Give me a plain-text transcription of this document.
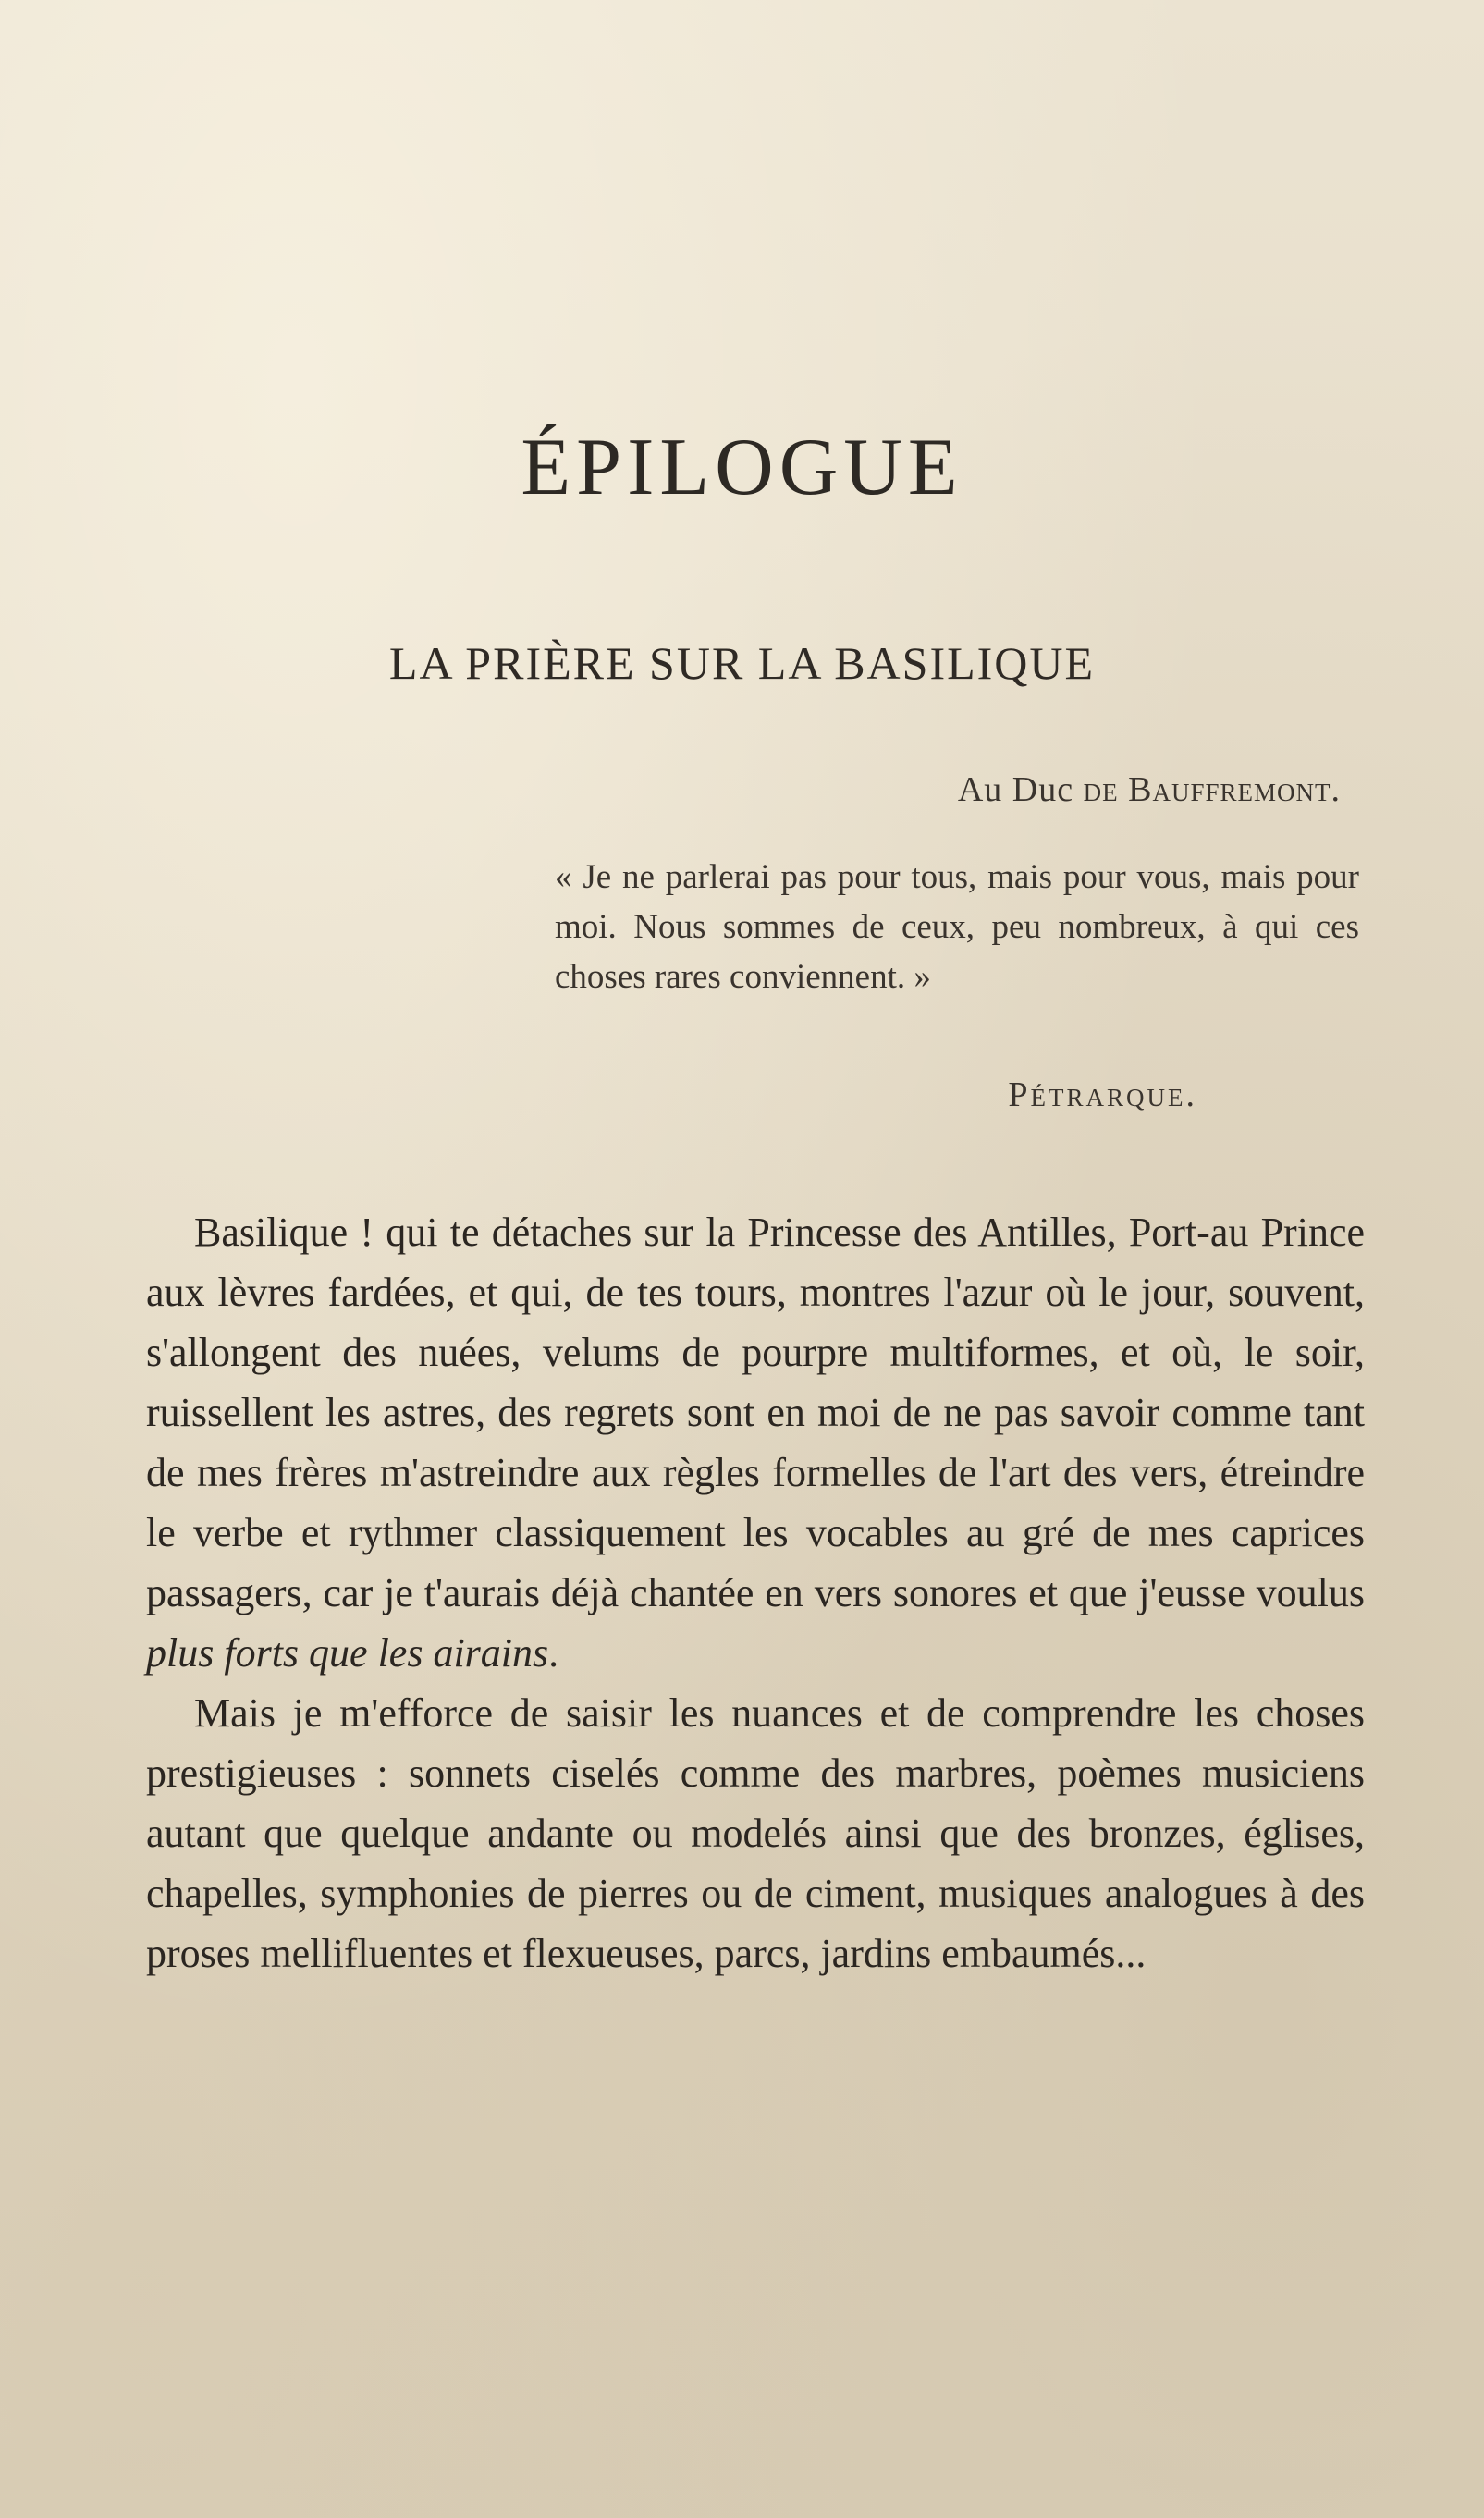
ÉPILOGUE
LA PRIÈRE SUR LA BASILIQUE
Au Duc de Bauffremont.
« Je ne parlerai pas pour tous, mais pour vous, mais pour moi. Nous sommes de ceux, peu nombreux, à qui ces choses rares conviennent. »
Pétrarque.

Basilique ! qui te détaches sur la Princesse des Antilles, Port-au Prince aux lèvres fardées, et qui, de tes tours, montres l'azur où le jour, souvent, s'allongent des nuées, velums de pourpre multiformes, et où, le soir, ruissellent les astres, des regrets sont en moi de ne pas savoir comme tant de mes frères m'astreindre aux règles formelles de l'art des vers, étreindre le verbe et rythmer classiquement les vocables au gré de mes caprices passagers, car je t'aurais déjà chantée en vers sonores et que j'eusse voulus plus forts que les airains.

Mais je m'efforce de saisir les nuances et de comprendre les choses prestigieuses : sonnets ciselés comme des marbres, poèmes musiciens autant que quelque andante ou modelés ainsi que des bronzes, églises, chapelles, symphonies de pierres ou de ciment, musiques analogues à des proses mellifluentes et flexueuses, parcs, jardins embaumés...
